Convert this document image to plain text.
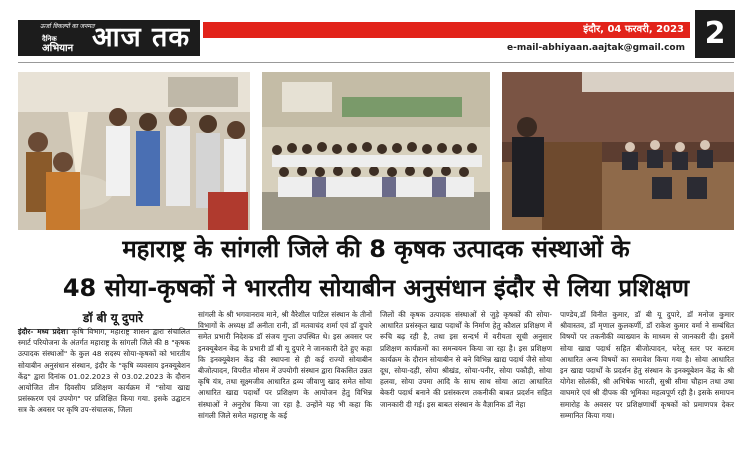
ऊर्जा विकल्पों का जनमत
दैनिक
अभियान आज तक	इंदौर, 04 फरवरी, 2023
e-mail-abhiyaan.aajtak@gmail.com 2
महाराष्ट्र के सांगली जिले की 8 कृषक उत्पादक संस्थाओं के
48 सोया-कृषकों ने भारतीय सोयाबीन अनुसंधान इंदौर से लिया प्रशिक्षण
डॉ बी यू दुपारे
इंदौर- मध्य प्रदेश। कृषि विभाग, महाराष्ट्र शासन द्वारा संचालित स्मार्ट परियोजना के अंतर्गत महाराष्ट्र के सांगली जिले की 8 "कृषक उत्पादक संस्थाओं" के कुल 48 सदस्य सोया-कृषकों को भारतीय सोयाबीन अनुसंधान संस्थान, इंदौर के "कृषि व्यवसाय इनक्यूबेशन केंद्र" द्वारा दिनांक 01.02.2023 से 03.02.2023 के दौरान आयोजित तीन दिवसीय प्रशिक्षण कार्यक्रम में "सोया खाद्य प्रसंस्करण एवं उपयोग" पर प्रशिक्षित किया गया. इसके उद्घाटन सत्र के अवसर पर कृषि उप-संचालक, जिला
सांगली के श्री भगवानराव माने, श्री वैरेशील पाटिल संस्थान के तीनों विभागों के अध्यक्ष डॉ अनीता रानी, डॉ मतवाचंद शर्मा एवं डॉ दुपारे समेत प्रभारी निदेशक डॉ संजय गुप्ता उपस्थित थे। इस अवसर पर इनक्यूबेशन केंद्र के प्रभारी डॉ बी यू दुपारे ने जानकारी देते हुए कहा कि इनक्यूबेशन केंद्र की स्थापना से ही कई राज्यों सोयाबीन बीजोत्पादन, विपरीत मौसम में उपयोगी संस्थान द्वारा विकसित उन्नत कृषि यंत्र, तथा सूक्ष्मजीव आधारित द्रव्य जीवाणु खाद समेत सोया आधारित खाद्य पदार्थों पर प्रशिक्षण के आयोजन हेतु विभिन्न संस्थाओं ने अनुरोध किया जा रहा है. उन्होंने यह भी कहा कि सांगली जिले समेत महाराष्ट्र के कई
जिलों की कृषक उत्पादक संस्थाओं से जुड़े कृषकों की सोया-आधारित प्रसंस्कृत खाद्य पदार्थों के निर्माण हेतु कौशल प्रशिक्षण में रूचि बढ़ रही है, तथा इस सन्दर्भ में वरीयता सूची अनुसार प्रशिक्षण कार्यक्रमों का समन्वयन किया जा रहा है। इस प्रशिक्षण कार्यक्रम के दौरान सोयाबीन से बने विभिन्न खाद्य पदार्थ जैसे सोया दूध, सोया-दही, सोया श्रीखंड, सोया-पनीर, सोया पकौड़ी, सोया हलवा, सोया उपमा आदि के साथ साथ सोया आटा आधारित बेकरी पदार्थ बनाने की प्रसंस्करण तकनीकी बाबत प्रदर्शन सहित जानकारी दी गई। इस बाबत संस्थान के वैज्ञानिक डॉ नेहा
पाण्डेय,डॉ विनीत कुमार, डॉ बी यू दुपारे, डॉ मनोज कुमार श्रीवास्तव, डॉ मृणाल कुलकर्णी, डॉ राकेश कुमार वर्मा ने सम्बंधित विषयों पर तकनीकी व्याख्यान के माध्यम से जानकारी दी। इसमें सोया खाद्य पदार्थ सहित बीजोत्पादन, घरेलू स्तर पर कस्टम आधारित अन्य विषयों का समावेश किया गया है। सोया आधारित इन खाद्य पदार्थों के प्रदर्शन हेतु संस्थान के इनक्यूबेशन केंद्र के श्री योगेश सोलंकी, श्री अभिषेक भारती, सुश्री सीमा चौहान तथा उषा वाघमारे एवं श्री दीपक की भूमिका महत्वपूर्ण रही है। इसके समापन समारोह के अवसर पर प्रशिक्षणार्थी कृषकों को प्रमाणपत्र देकर सम्मानित किया गया।
